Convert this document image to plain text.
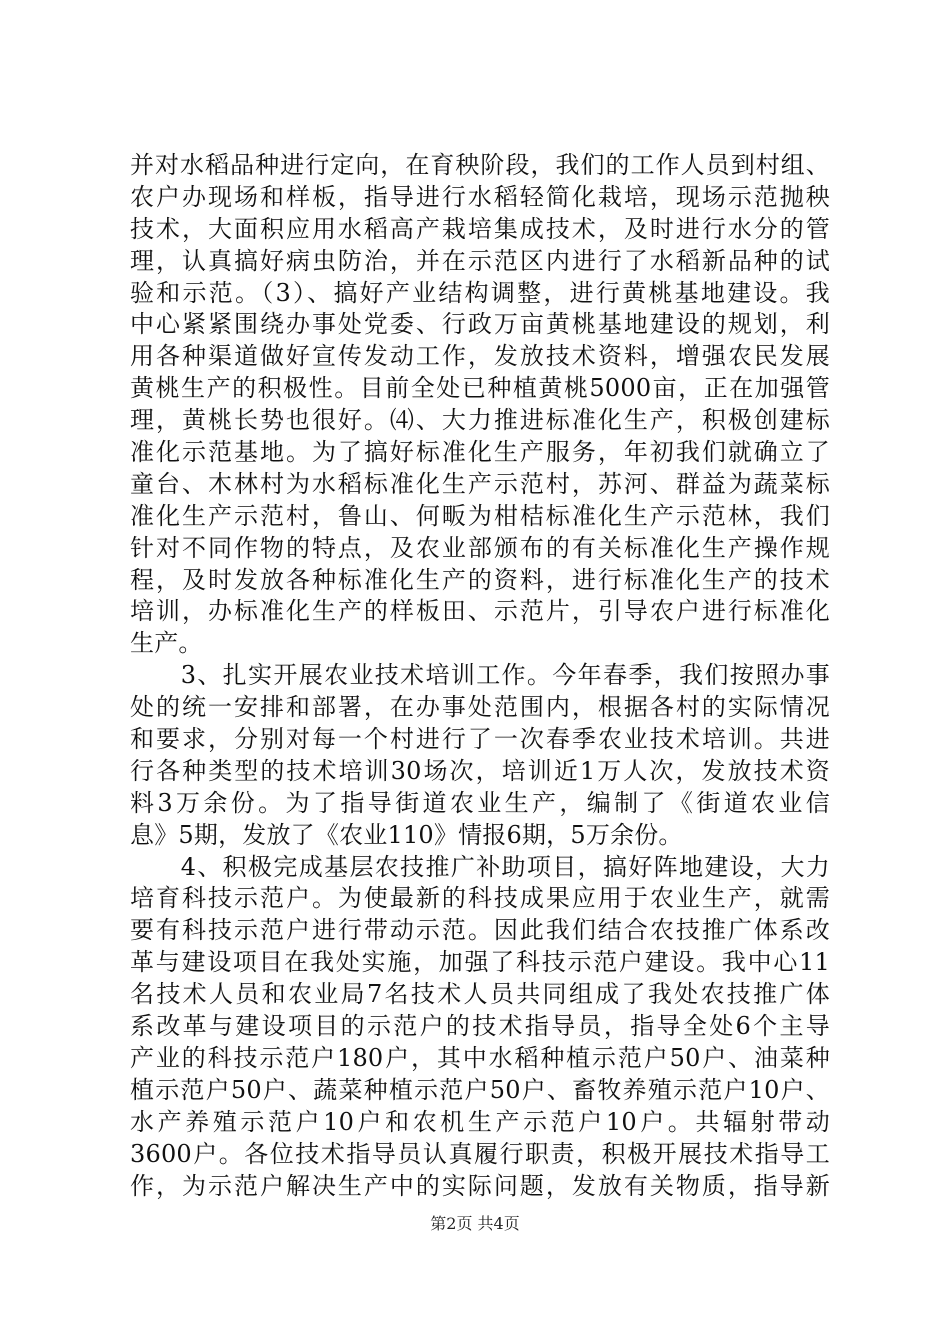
并对水稻品种进行定向，在育秧阶段，我们的工作人员到村组、
农户办现场和样板，指导进行水稻轻简化栽培，现场示范抛秧
技术，大面积应用水稻高产栽培集成技术，及时进行水分的管
理，认真搞好病虫防治，并在示范区内进行了水稻新品种的试
验和示范。（3）、搞好产业结构调整，进行黄桃基地建设。我
中心紧紧围绕办事处党委、行政万亩黄桃基地建设的规划，利
用各种渠道做好宣传发动工作，发放技术资料，增强农民发展
黄桃生产的积极性。目前全处已种植黄桃5000亩，正在加强管
理，黄桃长势也很好。⑷、大力推进标准化生产，积极创建标
准化示范基地。为了搞好标准化生产服务，年初我们就确立了
童台、木林村为水稻标准化生产示范村，苏河、群益为蔬菜标
准化生产示范村，鲁山、何畈为柑桔标准化生产示范林，我们
针对不同作物的特点，及农业部颁布的有关标准化生产操作规
程，及时发放各种标准化生产的资料，进行标准化生产的技术
培训，办标准化生产的样板田、示范片，引导农户进行标准化
生产。
　　3、扎实开展农业技术培训工作。今年春季，我们按照办事
处的统一安排和部署，在办事处范围内，根据各村的实际情况
和要求，分别对每一个村进行了一次春季农业技术培训。共进
行各种类型的技术培训30场次，培训近1万人次，发放技术资
料3万余份。为了指导街道农业生产，编制了《街道农业信
息》5期，发放了《农业110》情报6期，5万余份。
　　4、积极完成基层农技推广补助项目，搞好阵地建设，大力
培育科技示范户。为使最新的科技成果应用于农业生产，就需
要有科技示范户进行带动示范。因此我们结合农技推广体系改
革与建设项目在我处实施，加强了科技示范户建设。我中心11
名技术人员和农业局7名技术人员共同组成了我处农技推广体
系改革与建设项目的示范户的技术指导员，指导全处6个主导
产业的科技示范户180户，其中水稻种植示范户50户、油菜种
植示范户50户、蔬菜种植示范户50户、畜牧养殖示范户10户、
水产养殖示范户10户和农机生产示范户10户。共辐射带动
3600户。各位技术指导员认真履行职责，积极开展技术指导工
作，为示范户解决生产中的实际问题，发放有关物质，指导新
第2页 共4页
